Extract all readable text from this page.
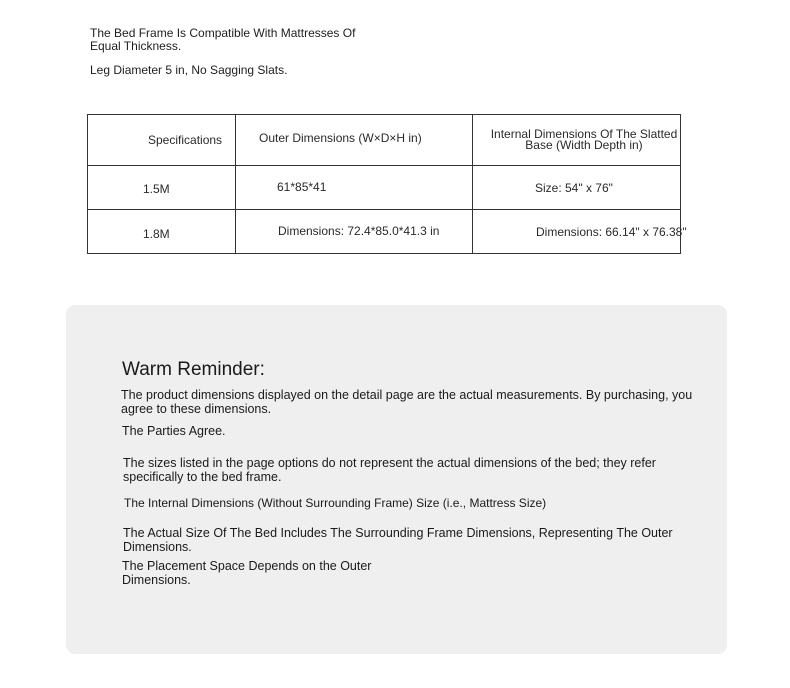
The Bed Frame Is Compatible With Mattresses Of Equal Thickness.
Leg Diameter 5 in, No Sagging Slats.
Specifications	Outer Dimensions (W×D×H in)	Internal Dimensions Of The Slatted Base (Width Depth in)

1.5M	61*85*41	Size: 54" x 76"

1.8M	Dimensions: 72.4*85.0*41.3 in	Dimensions: 66.14" x 76.38"
Warm Reminder:
The product dimensions displayed on the detail page are the actual measurements. By purchasing, you agree to these dimensions.
The Parties Agree.
The sizes listed in the page options do not represent the actual dimensions of the bed; they refer specifically to the bed frame.
The Internal Dimensions (Without Surrounding Frame) Size (i.e., Mattress Size)
The Actual Size Of The Bed Includes The Surrounding Frame Dimensions, Representing The Outer Dimensions.
The Placement Space Depends on the Outer Dimensions.
